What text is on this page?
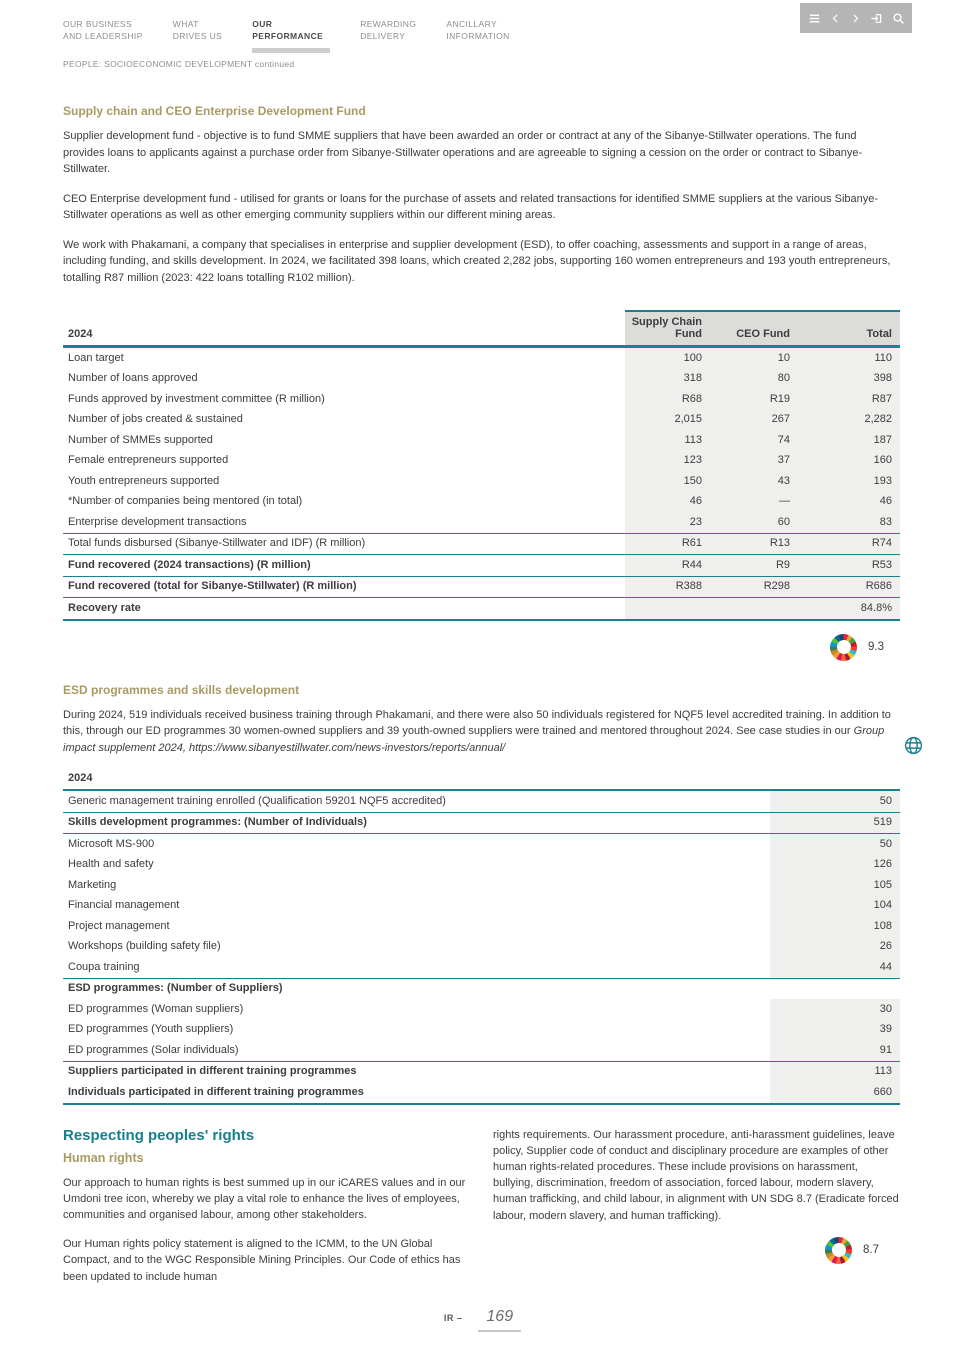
OUR BUSINESS
AND LEADERSHIP
WHAT
DRIVES US
OUR
PERFORMANCE
REWARDING
DELIVERY
ANCILLARY
INFORMATION
PEOPLE: SOCIOECONOMIC DEVELOPMENT continued
Supply chain and CEO Enterprise Development Fund

Supplier development fund - objective is to fund SMME suppliers that have been awarded an order or contract at any of the Sibanye-Stillwater operations. The fund provides loans to applicants against a purchase order from Sibanye-Stillwater operations and are agreeable to signing a cession on the order or contract to Sibanye-Stillwater.

CEO Enterprise development fund - utilised for grants or loans for the purchase of assets and related transactions for identified SMME suppliers at the various Sibanye-Stillwater operations as well as other emerging community suppliers within our different mining areas.

We work with Phakamani, a company that specialises in enterprise and supplier development (ESD), to offer coaching, assessments and support in a range of areas, including funding, and skills development. In 2024, we facilitated 398 loans, which created 2,282 jobs, supporting 160 women entrepreneurs and 193 youth entrepreneurs, totalling R87 million (2023: 422 loans totalling R102 million).

2024	Supply Chain Fund	CEO Fund	Total
Loan target	100	10	110
Number of loans approved	318	80	398
Funds approved by investment committee (R million)	R68	R19	R87
Number of jobs created & sustained	2,015	267	2,282
Number of SMMEs supported	113	74	187
Female entrepreneurs supported	123	37	160
Youth entrepreneurs supported	150	43	193
*Number of companies being mentored (in total)	46	—	46
Enterprise development transactions	23	60	83
Total funds disbursed (Sibanye-Stillwater and IDF) (R million)	R61	R13	R74
Fund recovered (2024 transactions) (R million)	R44	R9	R53
Fund recovered (total for Sibanye-Stillwater) (R million)	R388	R298	R686
Recovery rate			84.8%
9.3
ESD programmes and skills development

During 2024, 519 individuals received business training through Phakamani, and there were also 50 individuals registered for NQF5 level accredited training. In addition to this, through our ED programmes 30 women-owned suppliers and 39 youth-owned suppliers were trained and mentored throughout 2024. See case studies in our Group impact supplement 2024, https://www.sibanyestillwater.com/news-investors/reports/annual/

2024	
Generic management training enrolled (Qualification 59201 NQF5 accredited)	50
Skills development programmes: (Number of Individuals)	519
Microsoft MS-900	50
Health and safety	126
Marketing	105
Financial management	104
Project management	108
Workshops (building safety file)	26
Coupa training	44
ESD programmes: (Number of Suppliers)	
ED programmes (Woman suppliers)	30
ED programmes (Youth suppliers)	39
ED programmes (Solar individuals)	91
Suppliers participated in different training programmes	113
Individuals participated in different training programmes	660
Respecting peoples' rights
Human rights

Our approach to human rights is best summed up in our iCARES values and in our Umdoni tree icon, whereby we play a vital role to enhance the lives of employees, communities and organised labour, among other stakeholders.

Our Human rights policy statement is aligned to the ICMM, to the UN Global Compact, and to the WGC Responsible Mining Principles. Our Code of ethics has been updated to include human

rights requirements. Our harassment procedure, anti-harassment guidelines, leave policy, Supplier code of conduct and disciplinary procedure are examples of other human rights-related procedures. These include provisions on harassment, bullying, discrimination, freedom of association, forced labour, modern slavery, human trafficking, and child labour, in alignment with UN SDG 8.7 (Eradicate forced labour, modern slavery, and human trafficking).

8.7
IR –	169
